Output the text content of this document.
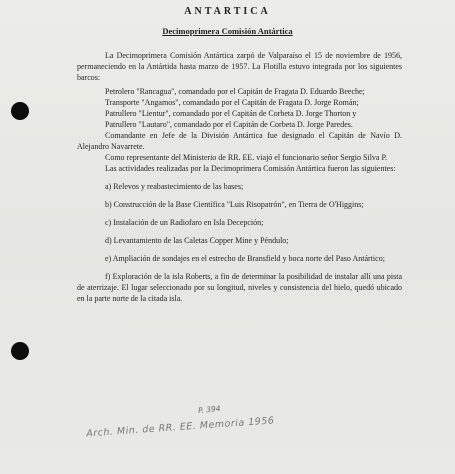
ANTARTICA
Decimoprimera Comisión Antártica

La Decimoprimera Comisión Antártica zarpó de Valparaíso el 15 de noviembre de 1956, permaneciendo en la Antártida hasta marzo de 1957. La Flotilla estuvo integrada por los siguientes barcos:

Petrolero "Rancagua", comandado por el Capitán de Fragata D. Eduardo Beeche;

Transporte "Angamos", comandado por el Capitán de Fragata D. Jorge Román;

Patrullero "Lientur", comandado por el Capitán de Corbeta D. Jorge Thorton y

Patrullero "Lautaro", comandado por el Capitán de Corbeta D. Jorge Paredes.

Comandante en Jefe de la División Antártica fue designado el Capitán de Navío D. Alejandro Navarrete.

Como representante del Ministerio de RR. EE. viajó el funcionario señor Sergio Silva P.

Las actividades realizadas por la Decimoprimera Comisión Antártica fueron las siguientes:

a) Relevos y reabastecimiento de las bases;

b) Construcción de la Base Científica "Luis Risopatrón", en Tierra de O'Higgins;

c) Instalación de un Radiofaro en Isla Decepción;

d) Levantamiento de las Caletas Copper Mine y Péndulo;

e) Ampliación de sondajes en el estrecho de Bransfield y boca norte del Paso Antártico;

f) Exploración de la isla Roberts, a fin de determinar la posibilidad de instalar allí una pista de aterrizaje. El lugar seleccionado por su longitud, niveles y consistencia del hielo, quedó ubicado en la parte norte de la citada isla.

P. 394
Arch. Min. de RR. EE. Memoria 1956
